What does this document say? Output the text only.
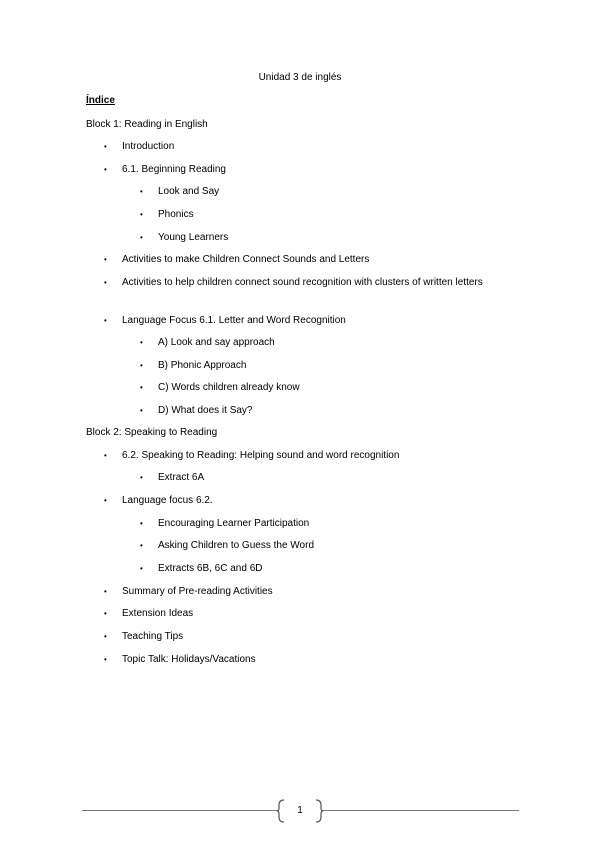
Unidad 3 de inglés
Índice
Block 1: Reading in English
• Introduction
• 6.1. Beginning Reading
• Look and Say
• Phonics
• Young Learners
• Activities to make Children Connect Sounds and Letters
• Activities to help children connect sound recognition with clusters of written letters
• Language Focus 6.1. Letter and Word Recognition
• A) Look and say approach
• B) Phonic Approach
• C) Words children already know
• D) What does it Say?
Block 2: Speaking to Reading
• 6.2. Speaking to Reading: Helping sound and word recognition
• Extract 6A
• Language focus 6.2.
• Encouraging Learner Participation
• Asking Children to Guess the Word
• Extracts 6B, 6C and 6D
• Summary of Pre-reading Activities
• Extension Ideas
• Teaching Tips
• Topic Talk: Holidays/Vacations
1
